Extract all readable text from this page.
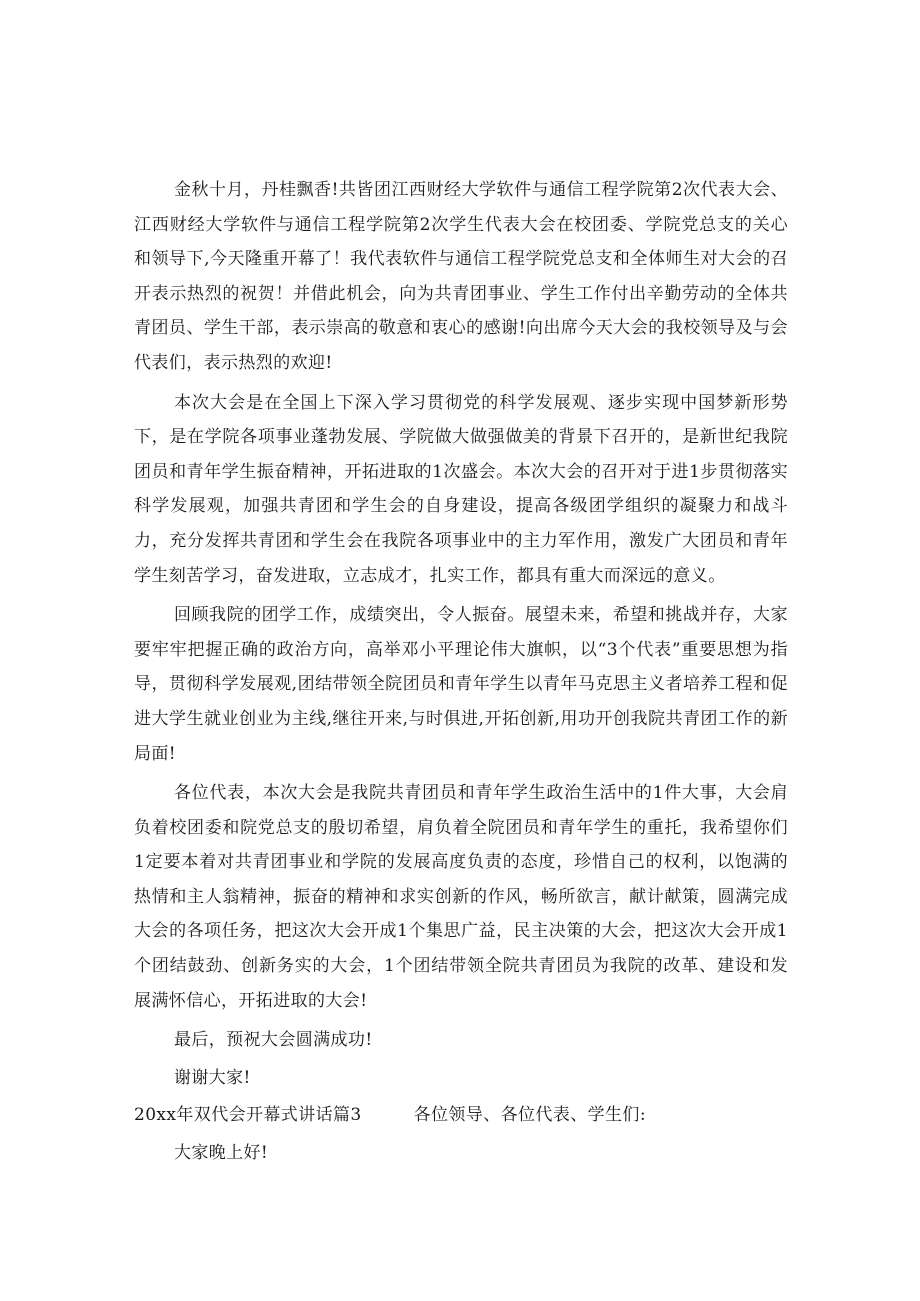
金秋十月，丹桂飘香!共皆团江西财经大学软件与通信工程学院第2次代表大会、江西财经大学软件与通信工程学院第2次学生代表大会在校团委、学院党总支的关心和领导下,今天隆重开幕了！我代表软件与通信工程学院党总支和全体师生对大会的召开表示热烈的祝贺！并借此机会，向为共青团事业、学生工作付出辛勤劳动的全体共青团员、学生干部，表示崇高的敬意和衷心的感谢!向出席今天大会的我校领导及与会代表们，表示热烈的欢迎!

本次大会是在全国上下深入学习贯彻党的科学发展观、逐步实现中国梦新形势下，是在学院各项事业蓬勃发展、学院做大做强做美的背景下召开的，是新世纪我院团员和青年学生振奋精神，开拓进取的1次盛会。本次大会的召开对于进1步贯彻落实科学发展观，加强共青团和学生会的自身建设，提高各级团学组织的凝聚力和战斗力，充分发挥共青团和学生会在我院各项事业中的主力军作用，激发广大团员和青年学生刻苦学习，奋发进取，立志成才，扎实工作，都具有重大而深远的意义。

回顾我院的团学工作，成绩突出，令人振奋。展望未来，希望和挑战并存，大家要牢牢把握正确的政治方向，高举邓小平理论伟大旗帜，以“3个代表”重要思想为指导，贯彻科学发展观,团结带领全院团员和青年学生以青年马克思主义者培养工程和促进大学生就业创业为主线,继往开来,与时俱进,开拓创新,用功开创我院共青团工作的新局面!

各位代表，本次大会是我院共青团员和青年学生政治生活中的1件大事，大会肩负着校团委和院党总支的殷切希望，肩负着全院团员和青年学生的重托，我希望你们1定要本着对共青团事业和学院的发展高度负责的态度，珍惜自己的权利，以饱满的热情和主人翁精神，振奋的精神和求实创新的作风，畅所欲言，献计献策，圆满完成大会的各项任务，把这次大会开成1个集思广益，民主决策的大会，把这次大会开成1个团结鼓劲、创新务实的大会，1个团结带领全院共青团员为我院的改革、建设和发展满怀信心，开拓进取的大会!

最后，预祝大会圆满成功!

谢谢大家!

20xx年双代会开幕式讲话篇3	各位领导、各位代表、学生们:

大家晚上好!
